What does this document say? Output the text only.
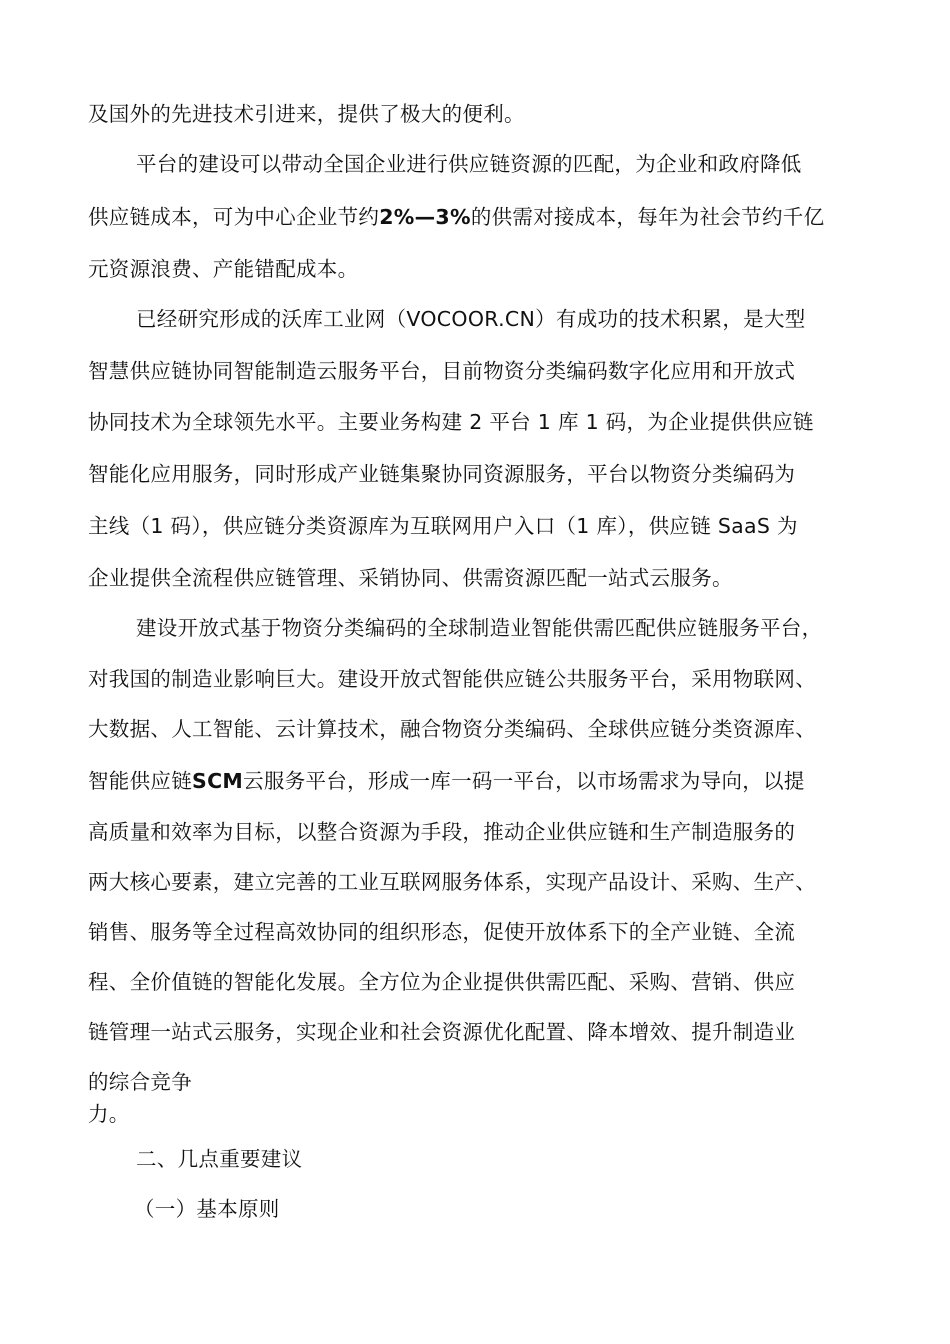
及国外的先进技术引进来，提供了极大的便利。
平台的建设可以带动全国企业进行供应链资源的匹配，为企业和政府降低
供应链成本，可为中心企业节约2%—3%的供需对接成本，每年为社会节约千亿
元资源浪费、产能错配成本。
已经研究形成的沃库工业网（VOCOOR.CN）有成功的技术积累，是大型
智慧供应链协同智能制造云服务平台，目前物资分类编码数字化应用和开放式
协同技术为全球领先水平。主要业务构建 2 平台 1 库 1 码，为企业提供供应链
智能化应用服务，同时形成产业链集聚协同资源服务，平台以物资分类编码为
主线（1 码），供应链分类资源库为互联网用户入口（1 库），供应链 SaaS 为
企业提供全流程供应链管理、采销协同、供需资源匹配一站式云服务。
建设开放式基于物资分类编码的全球制造业智能供需匹配供应链服务平台，
对我国的制造业影响巨大。建设开放式智能供应链公共服务平台，采用物联网、
大数据、人工智能、云计算技术，融合物资分类编码、全球供应链分类资源库、
智能供应链SCM云服务平台，形成一库一码一平台，以市场需求为导向，以提
高质量和效率为目标，以整合资源为手段，推动企业供应链和生产制造服务的
两大核心要素，建立完善的工业互联网服务体系，实现产品设计、采购、生产、
销售、服务等全过程高效协同的组织形态，促使开放体系下的全产业链、全流
程、全价值链的智能化发展。全方位为企业提供供需匹配、采购、营销、供应
链管理一站式云服务，实现企业和社会资源优化配置、降本增效、提升制造业
的综合竞争
力。
二、几点重要建议
（一）基本原则
